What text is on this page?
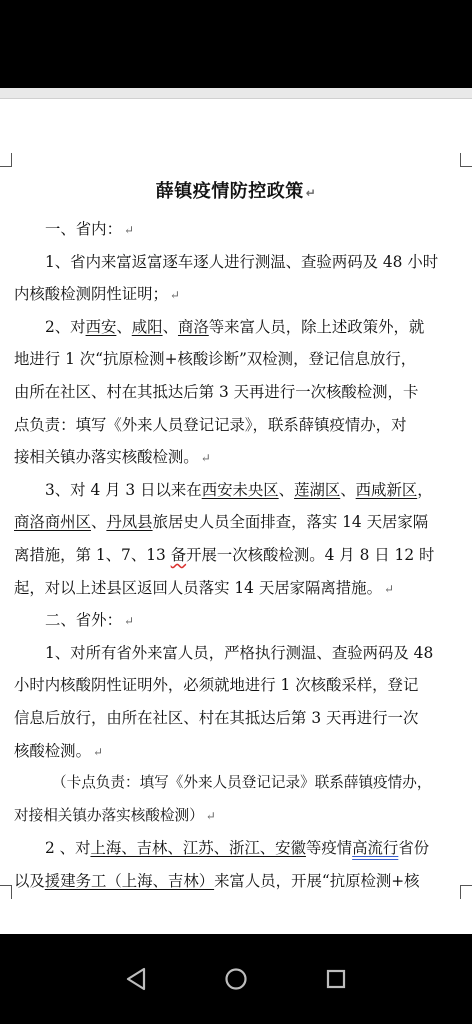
薛镇疫情防控政策 ↵
一、省内： ↵
1、省内来富返富逐车逐人进行测温、查验两码及 48 小时
内核酸检测阴性证明； ↵
2、对西安、咸阳、商洛等来富人员，除上述政策外，就
地进行 1 次“抗原检测+核酸诊断”双检测，登记信息放行，
由所在社区、村在其抵达后第 3 天再进行一次核酸检测，卡
点负责：填写《外来人员登记记录》，联系薛镇疫情办，对
接相关镇办落实核酸检测。 ↵
3、对 4 月 3 日以来在西安未央区、莲湖区、西咸新区，
商洛商州区、丹凤县旅居史人员全面排查，落实 14 天居家隔
离措施，第 1、7、13 备开展一次核酸检测。4 月 8 日 12 时
起，对以上述县区返回人员落实 14 天居家隔离措施。 ↵
二、省外： ↵
1、对所有省外来富人员，严格执行测温、查验两码及 48
小时内核酸阴性证明外，必须就地进行 1 次核酸采样，登记
信息后放行，由所在社区、村在其抵达后第 3 天再进行一次
核酸检测。 ↵
（卡点负责：填写《外来人员登记记录》联系薛镇疫情办，
对接相关镇办落实核酸检测） ↵
2 、对上海、吉林、江苏、浙江、安徽等疫情高流行省份
以及援建务工（上海、吉林）来富人员，开展“抗原检测+核
